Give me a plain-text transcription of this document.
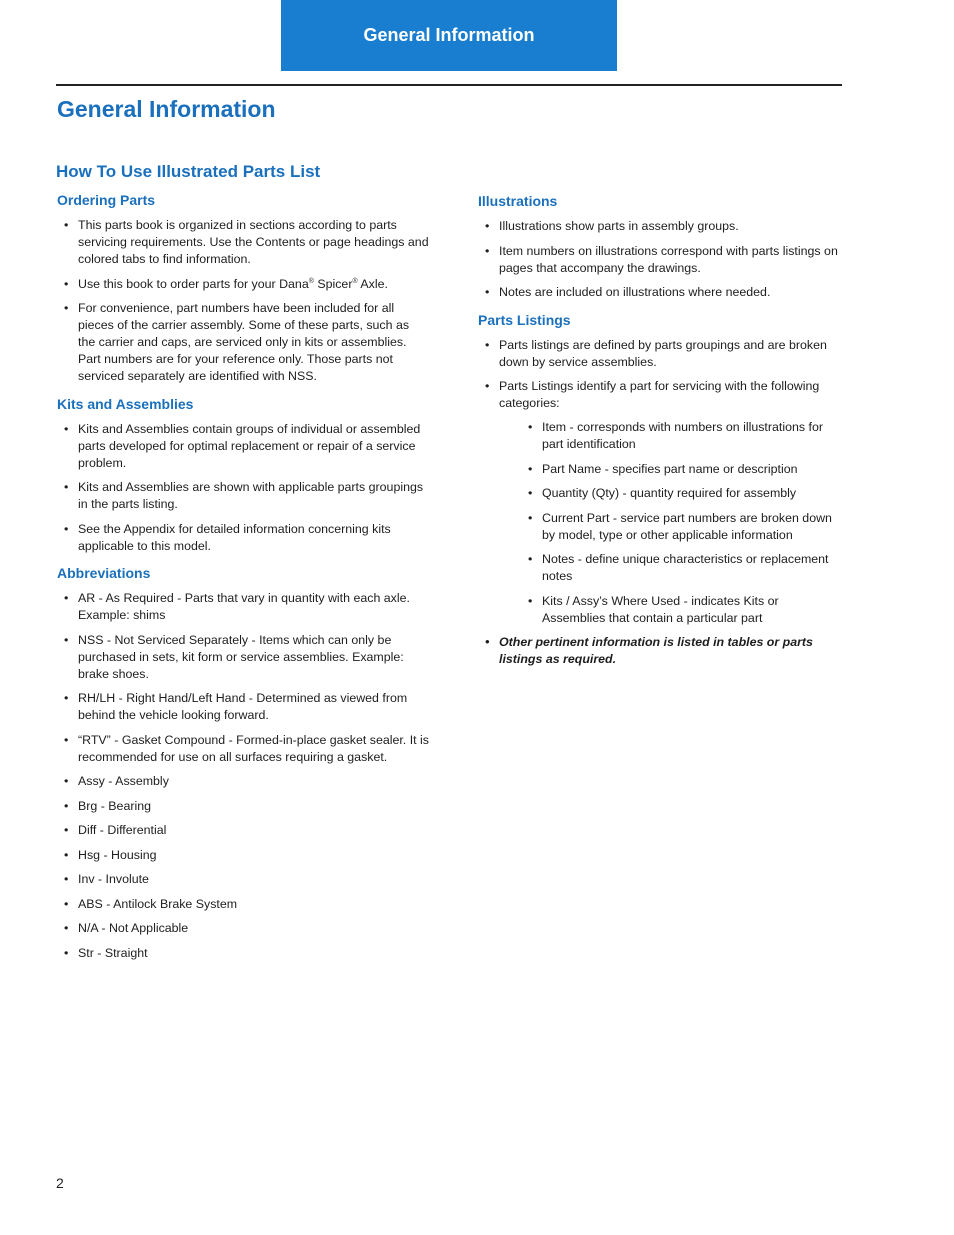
General Information
General Information
How To Use Illustrated Parts List
Ordering Parts
• This parts book is organized in sections according to parts servicing requirements. Use the Contents or page headings and colored tabs to find information.
• Use this book to order parts for your Dana® Spicer® Axle.
• For convenience, part numbers have been included for all pieces of the carrier assembly. Some of these parts, such as the carrier and caps, are serviced only in kits or assemblies. Part numbers are for your reference only. Those parts not serviced separately are identified with NSS.
Kits and Assemblies
• Kits and Assemblies contain groups of individual or assembled parts developed for optimal replacement or repair of a service problem.
• Kits and Assemblies are shown with applicable parts groupings in the parts listing.
• See the Appendix for detailed information concerning kits applicable to this model.
Abbreviations
• AR - As Required - Parts that vary in quantity with each axle. Example: shims
• NSS - Not Serviced Separately - Items which can only be purchased in sets, kit form or service assemblies. Example: brake shoes.
• RH/LH - Right Hand/Left Hand - Determined as viewed from behind the vehicle looking forward.
• “RTV” - Gasket Compound - Formed-in-place gasket sealer. It is recommended for use on all surfaces requiring a gasket.
• Assy - Assembly
• Brg - Bearing
• Diff - Differential
• Hsg - Housing
• Inv - Involute
• ABS - Antilock Brake System
• N/A - Not Applicable
• Str - Straight
Illustrations
• Illustrations show parts in assembly groups.
• Item numbers on illustrations correspond with parts listings on pages that accompany the drawings.
• Notes are included on illustrations where needed.
Parts Listings
• Parts listings are defined by parts groupings and are broken down by service assemblies.
• Parts Listings identify a part for servicing with the following categories:
• Item - corresponds with numbers on illustrations for part identification
• Part Name - specifies part name or description
• Quantity (Qty) - quantity required for assembly
• Current Part - service part numbers are broken down by model, type or other applicable information
• Notes - define unique characteristics or replacement notes
• Kits / Assy’s Where Used - indicates Kits or Assemblies that contain a particular part
• Other pertinent information is listed in tables or parts listings as required.
2
